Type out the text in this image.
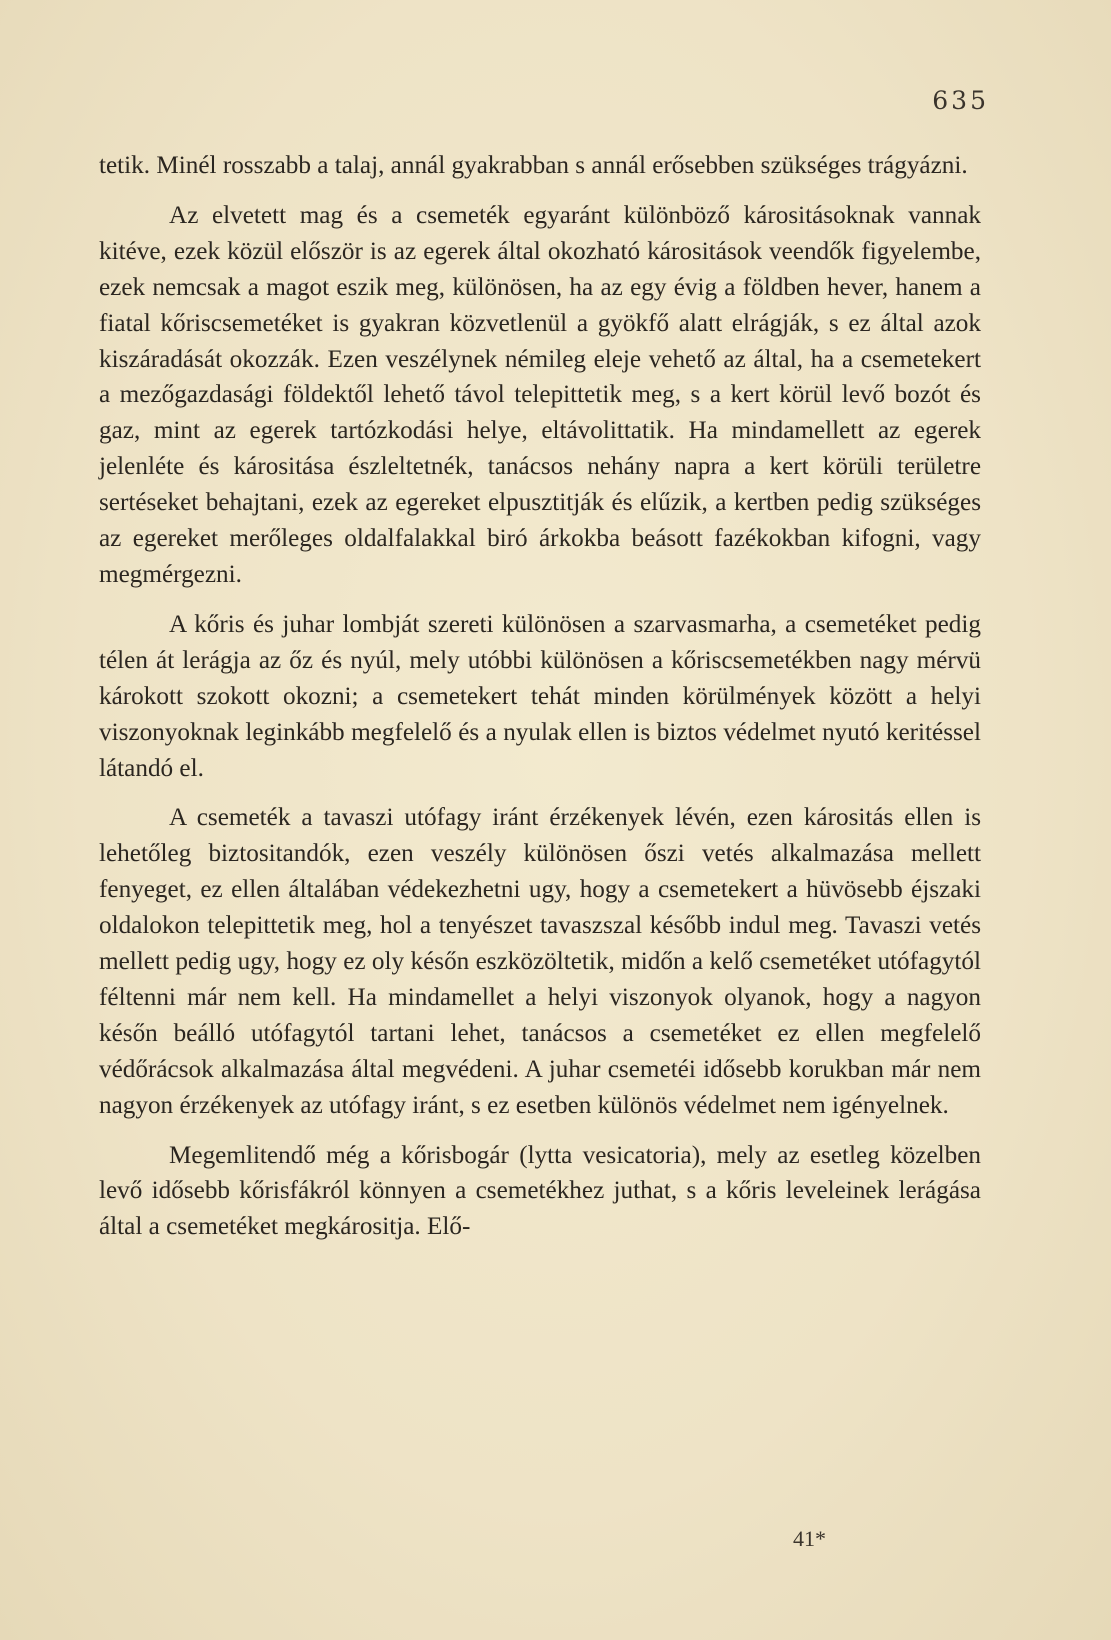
635

tetik. Minél rosszabb a talaj, annál gyakrabban s annál erősebben szükséges trágyázni.

Az elvetett mag és a csemeték egyaránt különböző kárositásoknak vannak kitéve, ezek közül először is az egerek által okozható kárositások veendők figyelembe, ezek nemcsak a magot eszik meg, különösen, ha az egy évig a földben hever, hanem a fiatal kőriscsemetéket is gyakran közvetlenül a gyökfő alatt elrágják, s ez által azok kiszáradását okozzák. Ezen veszélynek némileg eleje vehető az által, ha a csemetekert a mezőgazdasági földektől lehető távol telepittetik meg, s a kert körül levő bozót és gaz, mint az egerek tartózkodási helye, eltávolittatik. Ha mindamellett az egerek jelenléte és kárositása észleltetnék, tanácsos nehány napra a kert körüli területre sertéseket behajtani, ezek az egereket elpusztitják és elűzik, a kertben pedig szükséges az egereket merőleges oldalfalakkal biró árkokba beásott fazékokban kifogni, vagy megmérgezni.

A kőris és juhar lombját szereti különösen a szarvasmarha, a csemetéket pedig télen át lerágja az őz és nyúl, mely utóbbi különösen a kőriscsemetékben nagy mérvü károkott szokott okozni; a csemetekert tehát minden körülmények között a helyi viszonyoknak leginkább megfelelő és a nyulak ellen is biztos védelmet nyutó keritéssel látandó el.

A csemeték a tavaszi utófagy iránt érzékenyek lévén, ezen kárositás ellen is lehetőleg biztositandók, ezen veszély különösen őszi vetés alkalmazása mellett fenyeget, ez ellen általában védekezhetni ugy, hogy a csemetekert a hüvösebb éjszaki oldalokon telepittetik meg, hol a tenyészet tavaszszal később indul meg. Tavaszi vetés mellett pedig ugy, hogy ez oly későn eszközöltetik, midőn a kelő csemetéket utófagytól féltenni már nem kell. Ha mindamellet a helyi viszonyok olyanok, hogy a nagyon későn beálló utófagytól tartani lehet, tanácsos a csemetéket ez ellen megfelelő védőrácsok alkalmazása által megvédeni. A juhar csemetéi idősebb korukban már nem nagyon érzékenyek az utófagy iránt, s ez esetben különös védelmet nem igényelnek.

Megemlitendő még a kőrisbogár (lytta vesicatoria), mely az esetleg közelben levő idősebb kőrisfákról könnyen a csemetékhez juthat, s a kőris leveleinek lerágása által a csemetéket megkárositja. Elő-

41*
